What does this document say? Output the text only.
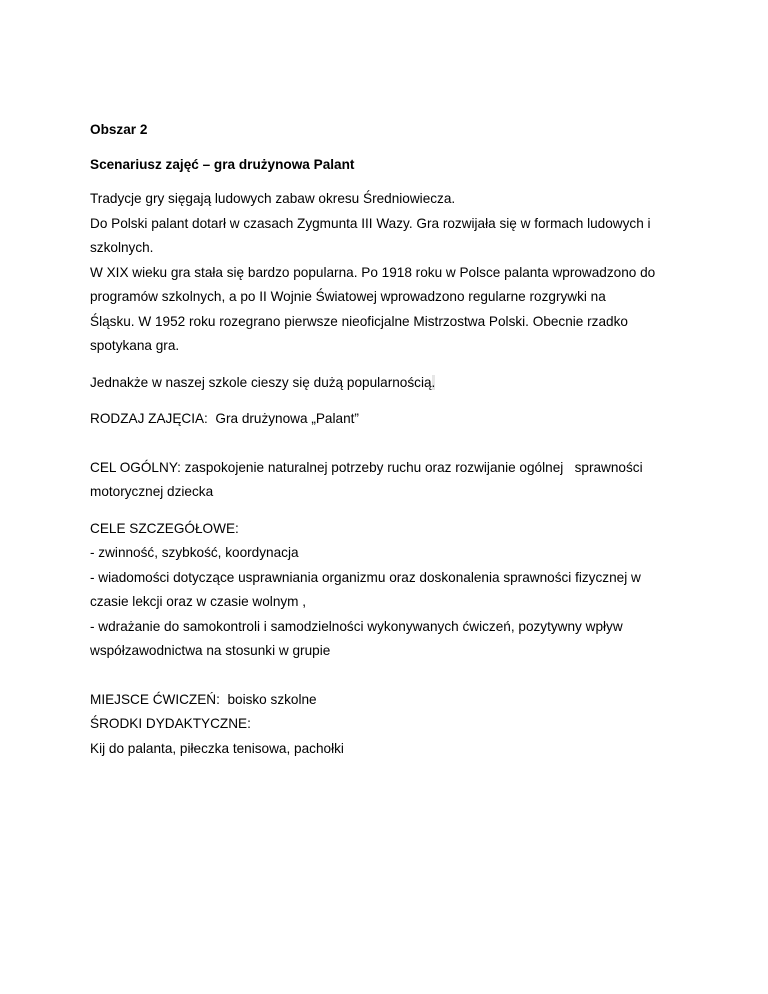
Obszar 2
Scenariusz zajęć – gra drużynowa Palant
Tradycje gry sięgają ludowych zabaw okresu Średniowiecza.
Do Polski palant dotarł w czasach Zygmunta III Wazy. Gra rozwijała się w formach ludowych i
szkolnych.
W XIX wieku gra stała się bardzo popularna. Po 1918 roku w Polsce palanta wprowadzono do
programów szkolnych, a po II Wojnie Światowej wprowadzono regularne rozgrywki na
Śląsku. W 1952 roku rozegrano pierwsze nieoficjalne Mistrzostwa Polski. Obecnie rzadko
spotykana gra.
Jednakże w naszej szkole cieszy się dużą popularnością.
RODZAJ ZAJĘCIA:  Gra drużynowa „Palant”
CEL OGÓLNY: zaspokojenie naturalnej potrzeby ruchu oraz rozwijanie ogólnej   sprawności
motorycznej dziecka
CELE SZCZEGÓŁOWE:
- zwinność, szybkość, koordynacja
- wiadomości dotyczące usprawniania organizmu oraz doskonalenia sprawności fizycznej w
czasie lekcji oraz w czasie wolnym ,
- wdrażanie do samokontroli i samodzielności wykonywanych ćwiczeń, pozytywny wpływ
współzawodnictwa na stosunki w grupie
MIEJSCE ĆWICZEŃ:  boisko szkolne
ŚRODKI DYDAKTYCZNE:
Kij do palanta, piłeczka tenisowa, pachołki
